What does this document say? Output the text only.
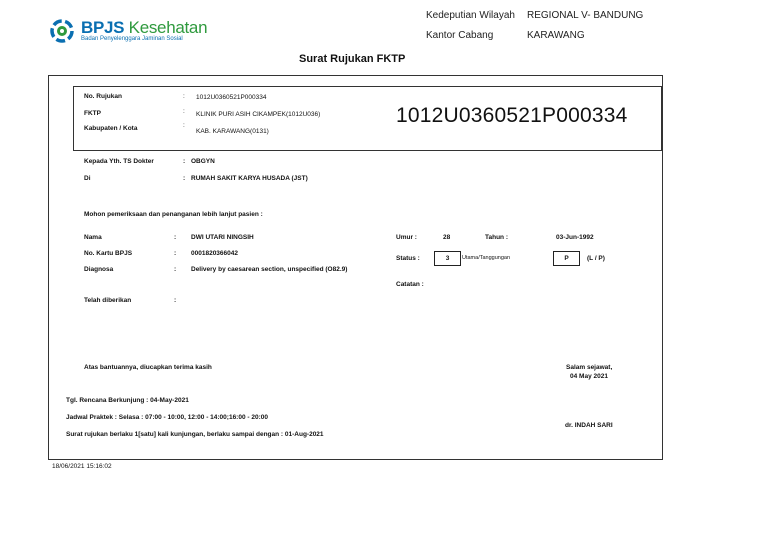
BPJS Kesehatan
Badan Penyelenggara Jaminan Sosial
Kedeputian Wilayah REGIONAL V- BANDUNG
Kantor Cabang	KARAWANG
Surat Rujukan FKTP
No. Rujukan	: 1012U0360521P000334
FKTP	: KLINIK PURI ASIH CIKAMPEK(1012U036)
Kabupaten / Kota	:
KAB. KARAWANG(0131)
1012U0360521P000334
Kepada Yth. TS Dokter	: OBGYN
Di	: RUMAH SAKIT KARYA HUSADA (JST)
Mohon pemeriksaan dan penanganan lebih lanjut pasien :
Nama	: DWI UTARI NINGSIH
No. Kartu BPJS	: 0001820366042
Diagnosa	: Delivery by caesarean section, unspecified (O82.9)
Telah diberikan	:
Umur :	28	Tahun :	03-Jun-1992
Status :	3	Utama/Tanggungan	P	(L / P)
Catatan :
Atas bantuannya, diucapkan terima kasih	Salam sejawat,
04 May 2021
Tgl. Rencana Berkunjung : 04-May-2021
Jadwal Praktek : Selasa : 07:00 - 10:00, 12:00 - 14:00;16:00 - 20:00
Surat rujukan berlaku 1[satu] kali kunjungan, berlaku sampai dengan : 01-Aug-2021
dr. INDAH SARI
18/06/2021 15:16:02
